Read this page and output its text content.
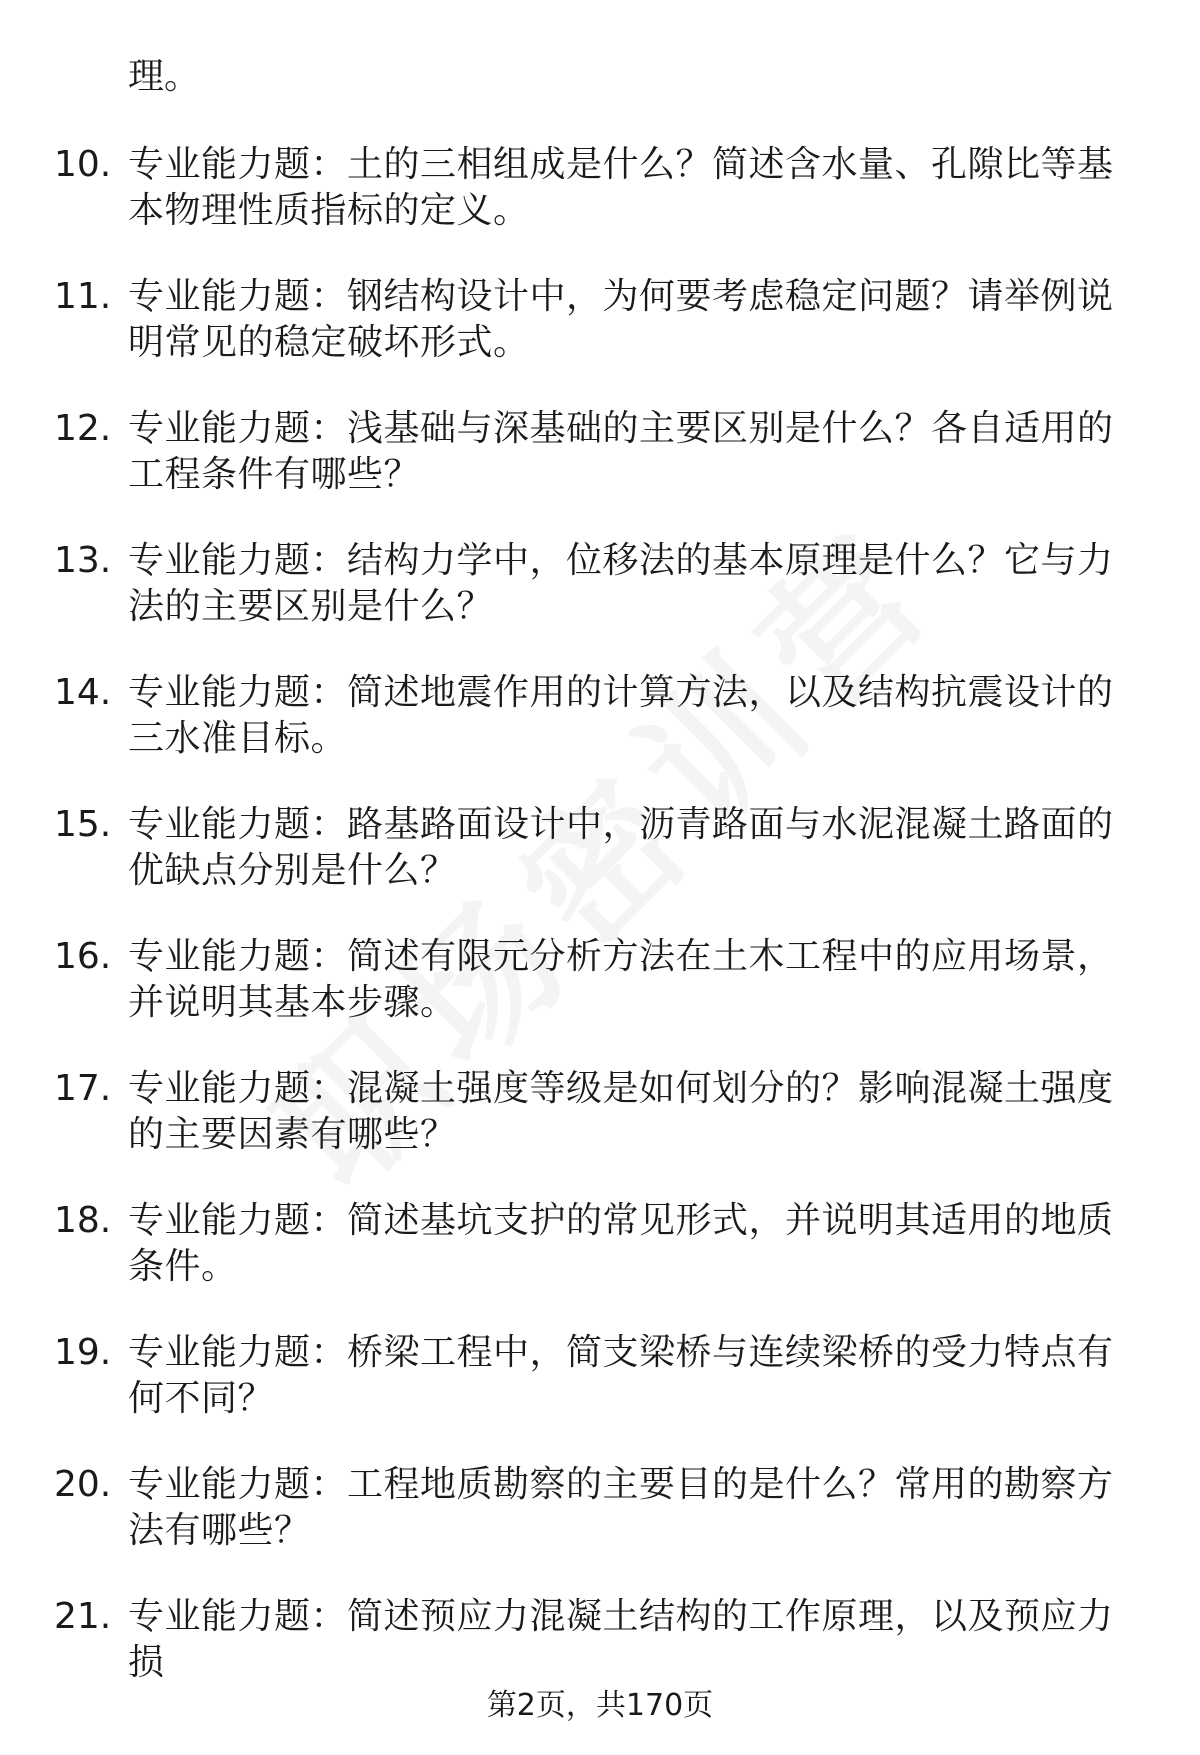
理。
10. 专业能力题：土的三相组成是什么？简述含水量、孔隙比等基本物理性质指标的定义。
11. 专业能力题：钢结构设计中，为何要考虑稳定问题？请举例说明常见的稳定破坏形式。
12. 专业能力题：浅基础与深基础的主要区别是什么？各自适用的工程条件有哪些？
13. 专业能力题：结构力学中，位移法的基本原理是什么？它与力法的主要区别是什么？
14. 专业能力题：简述地震作用的计算方法，以及结构抗震设计的三水准目标。
15. 专业能力题：路基路面设计中，沥青路面与水泥混凝土路面的优缺点分别是什么？
16. 专业能力题：简述有限元分析方法在土木工程中的应用场景，并说明其基本步骤。
17. 专业能力题：混凝土强度等级是如何划分的？影响混凝土强度的主要因素有哪些？
18. 专业能力题：简述基坑支护的常见形式，并说明其适用的地质条件。
19. 专业能力题：桥梁工程中，简支梁桥与连续梁桥的受力特点有何不同？
20. 专业能力题：工程地质勘察的主要目的是什么？常用的勘察方法有哪些？
21. 专业能力题：简述预应力混凝土结构的工作原理，以及预应力损
第2页，共170页
